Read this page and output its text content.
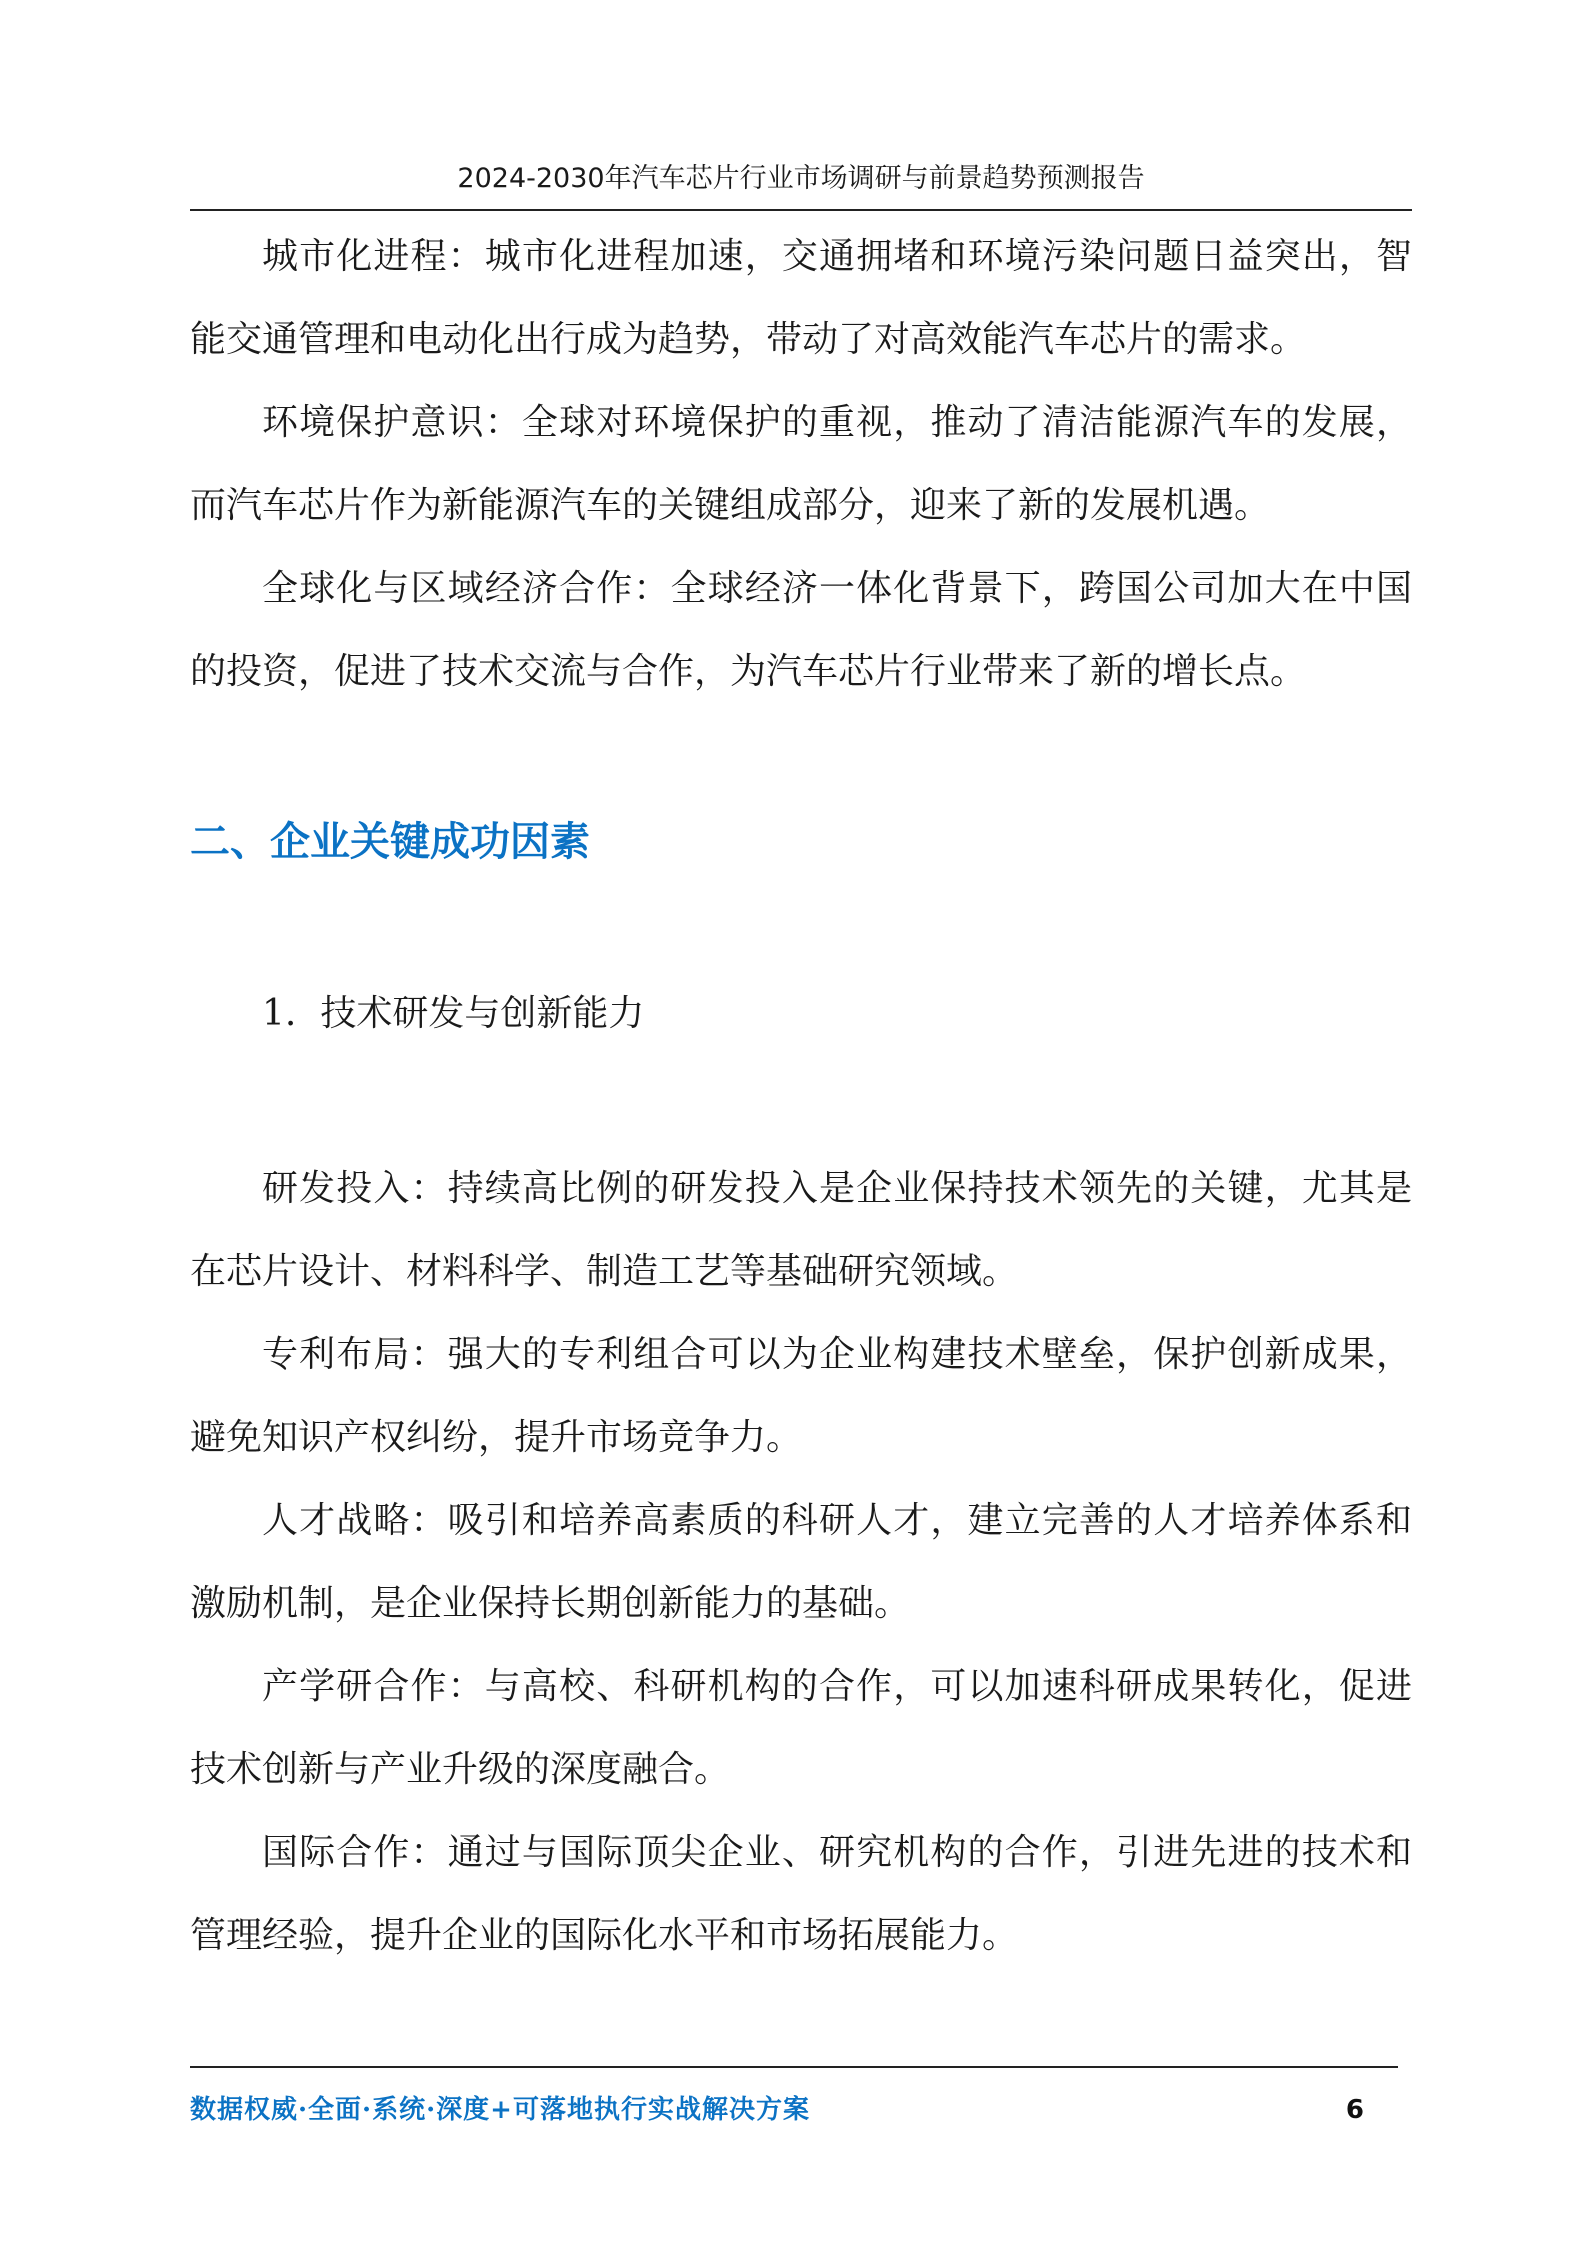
2024-2030年汽车芯片行业市场调研与前景趋势预测报告

城市化进程：城市化进程加速，交通拥堵和环境污染问题日益突出，智能交通管理和电动化出行成为趋势，带动了对高效能汽车芯片的需求。

环境保护意识：全球对环境保护的重视，推动了清洁能源汽车的发展，而汽车芯片作为新能源汽车的关键组成部分，迎来了新的发展机遇。

全球化与区域经济合作：全球经济一体化背景下，跨国公司加大在中国的投资，促进了技术交流与合作，为汽车芯片行业带来了新的增长点。

二、企业关键成功因素
1. 技术研发与创新能力

研发投入：持续高比例的研发投入是企业保持技术领先的关键，尤其是在芯片设计、材料科学、制造工艺等基础研究领域。

专利布局：强大的专利组合可以为企业构建技术壁垒，保护创新成果，避免知识产权纠纷，提升市场竞争力。

人才战略：吸引和培养高素质的科研人才，建立完善的人才培养体系和激励机制，是企业保持长期创新能力的基础。

产学研合作：与高校、科研机构的合作，可以加速科研成果转化，促进技术创新与产业升级的深度融合。

国际合作：通过与国际顶尖企业、研究机构的合作，引进先进的技术和管理经验，提升企业的国际化水平和市场拓展能力。

数据权威·全面·系统·深度+可落地执行实战解决方案	6
